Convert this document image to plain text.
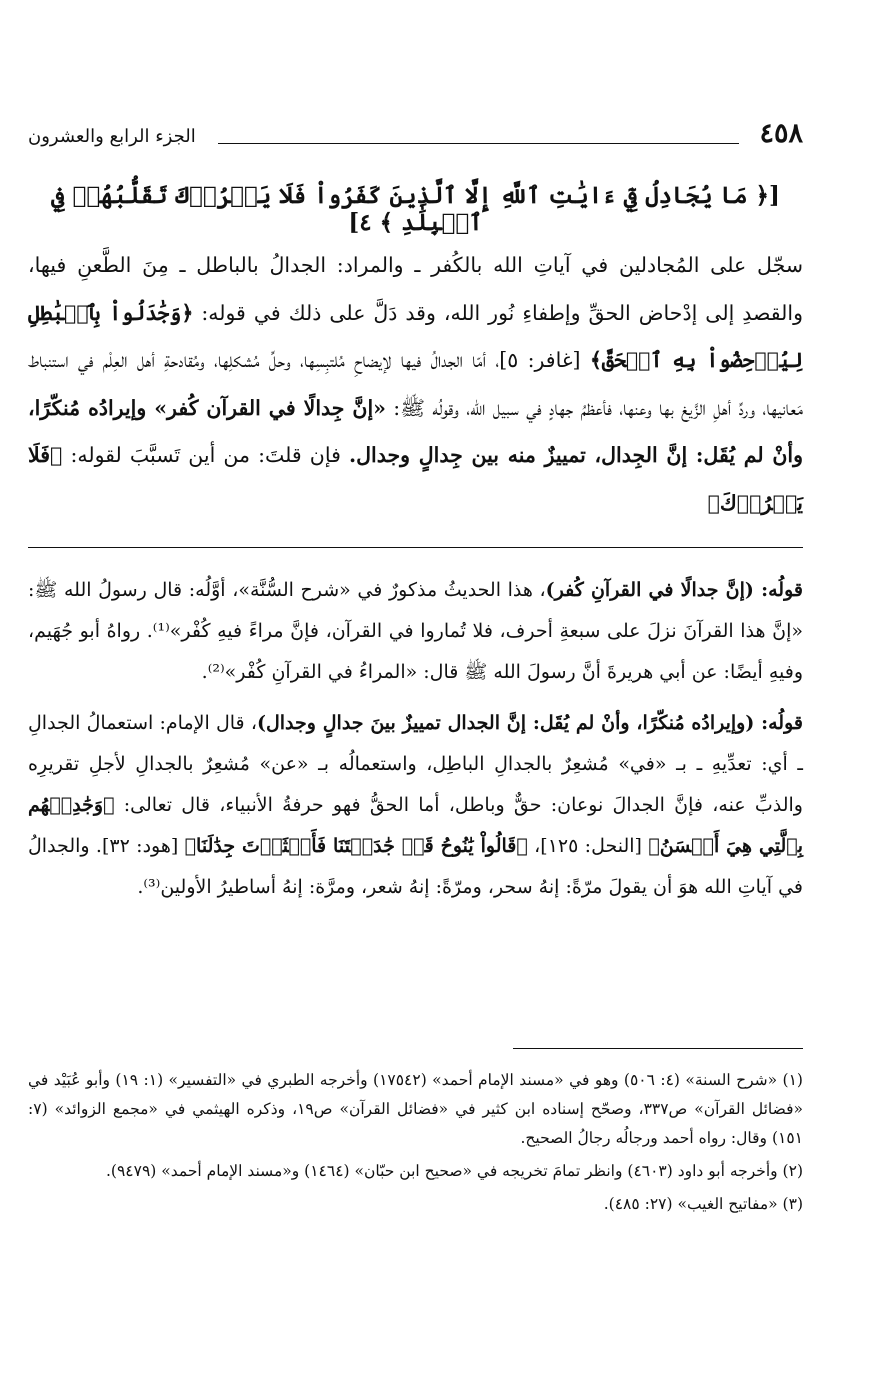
٤٥٨
الجزء الرابع والعشرون
[﴿ مَا يُجَادِلُ فِيٓ ءَايَٰتِ ٱللَّهِ إِلَّا ٱلَّذِينَ كَفَرُواْ فَلَا يَغۡرُرۡكَ تَقَلُّبُهُمۡ فِي ٱلۡبِلَٰدِ ﴾ ٤]

سجّل على المُجادلين في آياتِ الله بالكُفر ـ والمراد: الجدالُ بالباطل ـ مِنَ الطَّعنِ فيها، والقصدِ إلى إدْحاض الحقِّ وإطفاءِ نُور الله، وقد دَلَّ على ذلك في قوله: ﴿وَجَٰدَلُواْ بِٱلۡبَٰطِلِ لِيُدۡحِضُواْ بِهِ ٱلۡحَقَّ﴾ [غافر: ٥]، أمّا الجدالُ فيها لإيضاحِ مُلتبِسِها، وحلِّ مُشكلِها، ومُقادحةِ أهل العِلْم في استنباط مَعانيها، وردِّ أهلِ الزَّيغ بها وعنها، فأعظمُ جهادٍ في سبيل الله، وقولُه ﷺ: «إنَّ جِدالًا في القرآن كُفر» وإيرادُه مُنكّرًا، وأنْ لم يُقَل: إنَّ الجِدال، تمييزٌ منه بين جِدالٍ وجدال. فإن قلتَ: من أين تَسبَّبَ لقوله: ﴿فَلَا يَغۡرُرۡكَ﴾

قولُه: (إنَّ جدالًا في القرآنِ كُفر)، هذا الحديثُ مذكورٌ في «شرح السُّنَّة»، أوَّلُه: قال رسولُ الله ﷺ: «إنَّ هذا القرآنَ نزلَ على سبعةِ أحرف، فلا تُماروا في القرآن، فإنَّ مراءً فيهِ كُفْر»⁽¹⁾. رواهُ أبو جُهَيم، وفيهِ أيضًا: عن أبي هريرةَ أنَّ رسولَ الله ﷺ قال: «المراءُ في القرآنِ كُفْر»⁽²⁾.

قولُه: (وإيرادُه مُنكّرًا، وأنْ لم يُقَل: إنَّ الجدال تمييزٌ بينَ جدالٍ وجدال)، قال الإمام: استعمالُ الجدالِ ـ أي: تعدِّيهِ ـ بـ «في» مُشعِرٌ بالجدالِ الباطِل، واستعمالُه بـ «عن» مُشعِرٌ بالجدالِ لأجلِ تقريرِه والذبِّ عنه، فإنَّ الجدالَ نوعان: حقٌّ وباطل، أما الحقُّ فهو حرفةُ الأنبياء، قال تعالى: ﴿وَجَٰدِلۡهُم بِٱلَّتِي هِيَ أَحۡسَنُ﴾ [النحل: ١٢٥]، ﴿قَالُواْ يَٰنُوحُ قَدۡ جَٰدَلۡتَنَا فَأَكۡثَرۡتَ جِدَٰلَنَا﴾ [هود: ٣٢]. والجدالُ في آياتِ الله هوَ أن يقولَ مرّةً: إنهُ سحر، ومرّةً: إنهُ شعر، ومرَّة: إنهُ أساطيرُ الأولين⁽³⁾.

(١) «شرح السنة» (٤: ٥٠٦) وهو في «مسند الإمام أحمد» (١٧٥٤٢) وأخرجه الطبري في «التفسير» (١: ١٩) وأبو عُبَيْد في «فضائل القرآن» ص٣٣٧، وصحّح إسناده ابن كثير في «فضائل القرآن» ص١٩، وذكره الهيثمي في «مجمع الزوائد» (٧: ١٥١) وقال: رواه أحمد ورجالُه رجالُ الصحيح.

(٢) وأخرجه أبو داود (٤٦٠٣) وانظر تمامَ تخريجه في «صحيح ابن حبّان» (١٤٦٤) و«مسند الإمام أحمد» (٩٤٧٩).

(٣) «مفاتيح الغيب» (٢٧: ٤٨٥).
